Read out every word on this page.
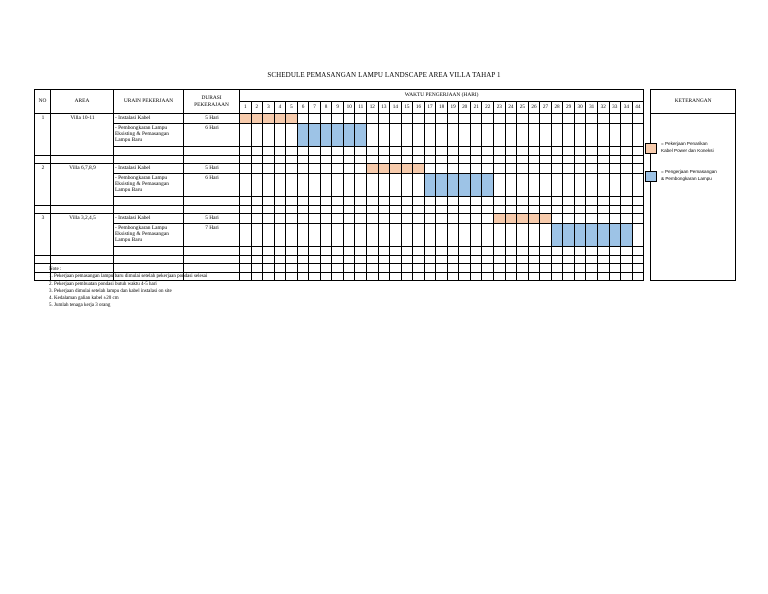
SCHEDULE PEMASANGAN LAMPU LANDSCAPE AREA VILLA TAHAP 1
NO	AREA	URAIN PEKERJAAN	DURASI PEKERAJAAN	WAKTU PENGERJAAN (HARI)																																				KETERANGAN
				1	2	3	4	5	6	7	8	9	10	11	12	13	14	15	16	17	18	19	20	21	22	23	24	25	26	27	28	29	30	31	32	33	34	44		
1	Villa 10-11	- Instalasi Kabel	5 Hari																																					
		- Pembongkaran Lampu Eksisting & Pemasangan Lampu Baru	6 Hari																																					

2	Villa 6,7,8,9	- Instalasi Kabel	5 Hari																																					
		- Pembongkaran Lampu Eksisting & Pemasangan Lampu Baru	6 Hari																																					

3	Villa 3,2,4,5	- Instalasi Kabel	5 Hari																																					
		- Pembongkaran Lampu Eksisting & Pemasangan Lampu Baru	7 Hari																																					

= Pekerjaan Penarikan
Kabel Power dan Koneksi
= Pengerjaan Pemasangan
& Pembongkaran Lampu
Note :
1. Pekerjaan pemasangan lampu baru dimulai setelah pekerjaan pondasi selesai
2. Pekerjaan pembuatan pondasi butuh waktu 4-5 hari
3. Pekerjaan dimulai setelah lampu dan kabel instalasi on site
4. Kedalaman galian kabel ±20 cm
5. Jumlah tenaga kerja 3 orang
